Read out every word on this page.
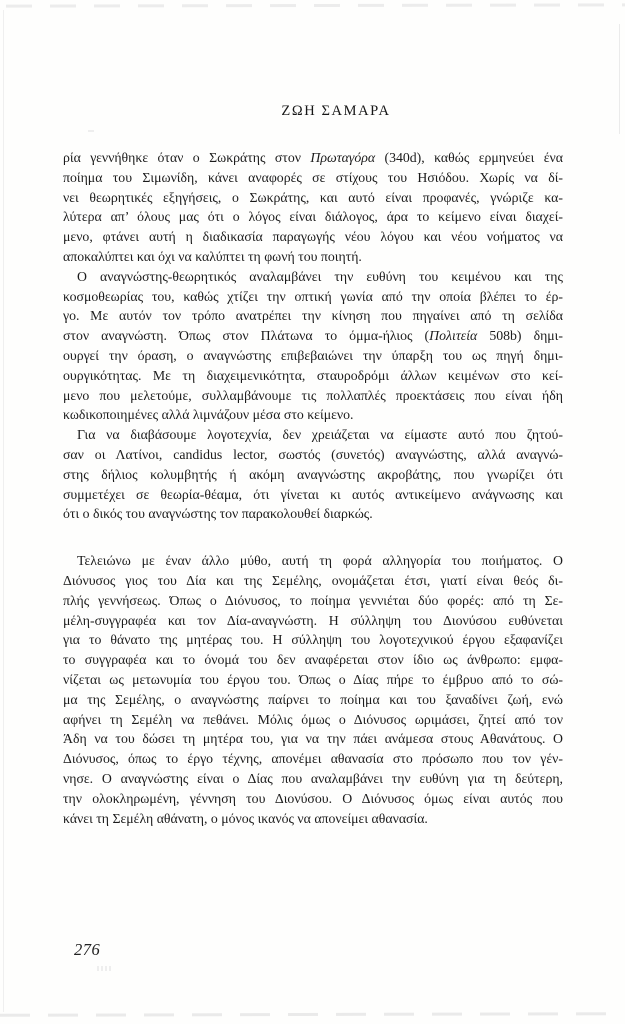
ΖΩΗ ΣΑΜΑΡΑ
ρία γεννήθηκε όταν ο Σωκράτης στον Πρωταγόρα (340d), καθώς ερμηνεύει ένα
ποίημα του Σιμωνίδη, κάνει αναφορές σε στίχους του Ησιόδου. Χωρίς να δί-
νει θεωρητικές εξηγήσεις, ο Σωκράτης, και αυτό είναι προφανές, γνώριζε κα-
λύτερα απ’ όλους μας ότι ο λόγος είναι διάλογος, άρα το κείμενο είναι διαχεί-
μενο, φτάνει αυτή η διαδικασία παραγωγής νέου λόγου και νέου νοήματος να
αποκαλύπτει και όχι να καλύπτει τη φωνή του ποιητή.
Ο αναγνώστης-θεωρητικός αναλαμβάνει την ευθύνη του κειμένου και της
κοσμοθεωρίας του, καθώς χτίζει την οπτική γωνία από την οποία βλέπει το έρ-
γο. Με αυτόν τον τρόπο ανατρέπει την κίνηση που πηγαίνει από τη σελίδα
στον αναγνώστη. Όπως στον Πλάτωνα το όμμα-ήλιος (Πολιτεία 508b) δημι-
ουργεί την όραση, ο αναγνώστης επιβεβαιώνει την ύπαρξη του ως πηγή δημι-
ουργικότητας. Με τη διαχειμενικότητα, σταυροδρόμι άλλων κειμένων στο κεί-
μενο που μελετούμε, συλλαμβάνουμε τις πολλαπλές προεκτάσεις που είναι ήδη
κωδικοποιημένες αλλά λιμνάζουν μέσα στο κείμενο.
Για να διαβάσουμε λογοτεχνία, δεν χρειάζεται να είμαστε αυτό που ζητού-
σαν οι Λατίνοι, candidus lector, σωστός (συνετός) αναγνώστης, αλλά αναγνώ-
στης δήλιος κολυμβητής ή ακόμη αναγνώστης ακροβάτης, που γνωρίζει ότι
συμμετέχει σε θεωρία-θέαμα, ότι γίνεται κι αυτός αντικείμενο ανάγνωσης και
ότι ο δικός του αναγνώστης τον παρακολουθεί διαρκώς.
Τελειώνω με έναν άλλο μύθο, αυτή τη φορά αλληγορία του ποιήματος. Ο
Διόνυσος γιος του Δία και της Σεμέλης, ονομάζεται έτσι, γιατί είναι θεός δι-
πλής γεννήσεως. Όπως ο Διόνυσος, το ποίημα γεννιέται δύο φορές: από τη Σε-
μέλη-συγγραφέα και τον Δία-αναγνώστη. Η σύλληψη του Διονύσου ευθύνεται
για το θάνατο της μητέρας του. Η σύλληψη του λογοτεχνικού έργου εξαφανίζει
το συγγραφέα και το όνομά του δεν αναφέρεται στον ίδιο ως άνθρωπο: εμφα-
νίζεται ως μετωνυμία του έργου του. Όπως ο Δίας πήρε το έμβρυο από το σώ-
μα της Σεμέλης, ο αναγνώστης παίρνει το ποίημα και του ξαναδίνει ζωή, ενώ
αφήνει τη Σεμέλη να πεθάνει. Μόλις όμως ο Διόνυσος ωριμάσει, ζητεί από τον
Άδη να του δώσει τη μητέρα του, για να την πάει ανάμεσα στους Αθανάτους. Ο
Διόνυσος, όπως το έργο τέχνης, απονέμει αθανασία στο πρόσωπο που τον γέν-
νησε. Ο αναγνώστης είναι ο Δίας που αναλαμβάνει την ευθύνη για τη δεύτερη,
την ολοκληρωμένη, γέννηση του Διονύσου. Ο Διόνυσος όμως είναι αυτός που
κάνει τη Σεμέλη αθάνατη, ο μόνος ικανός να απονείμει αθανασία.
276
